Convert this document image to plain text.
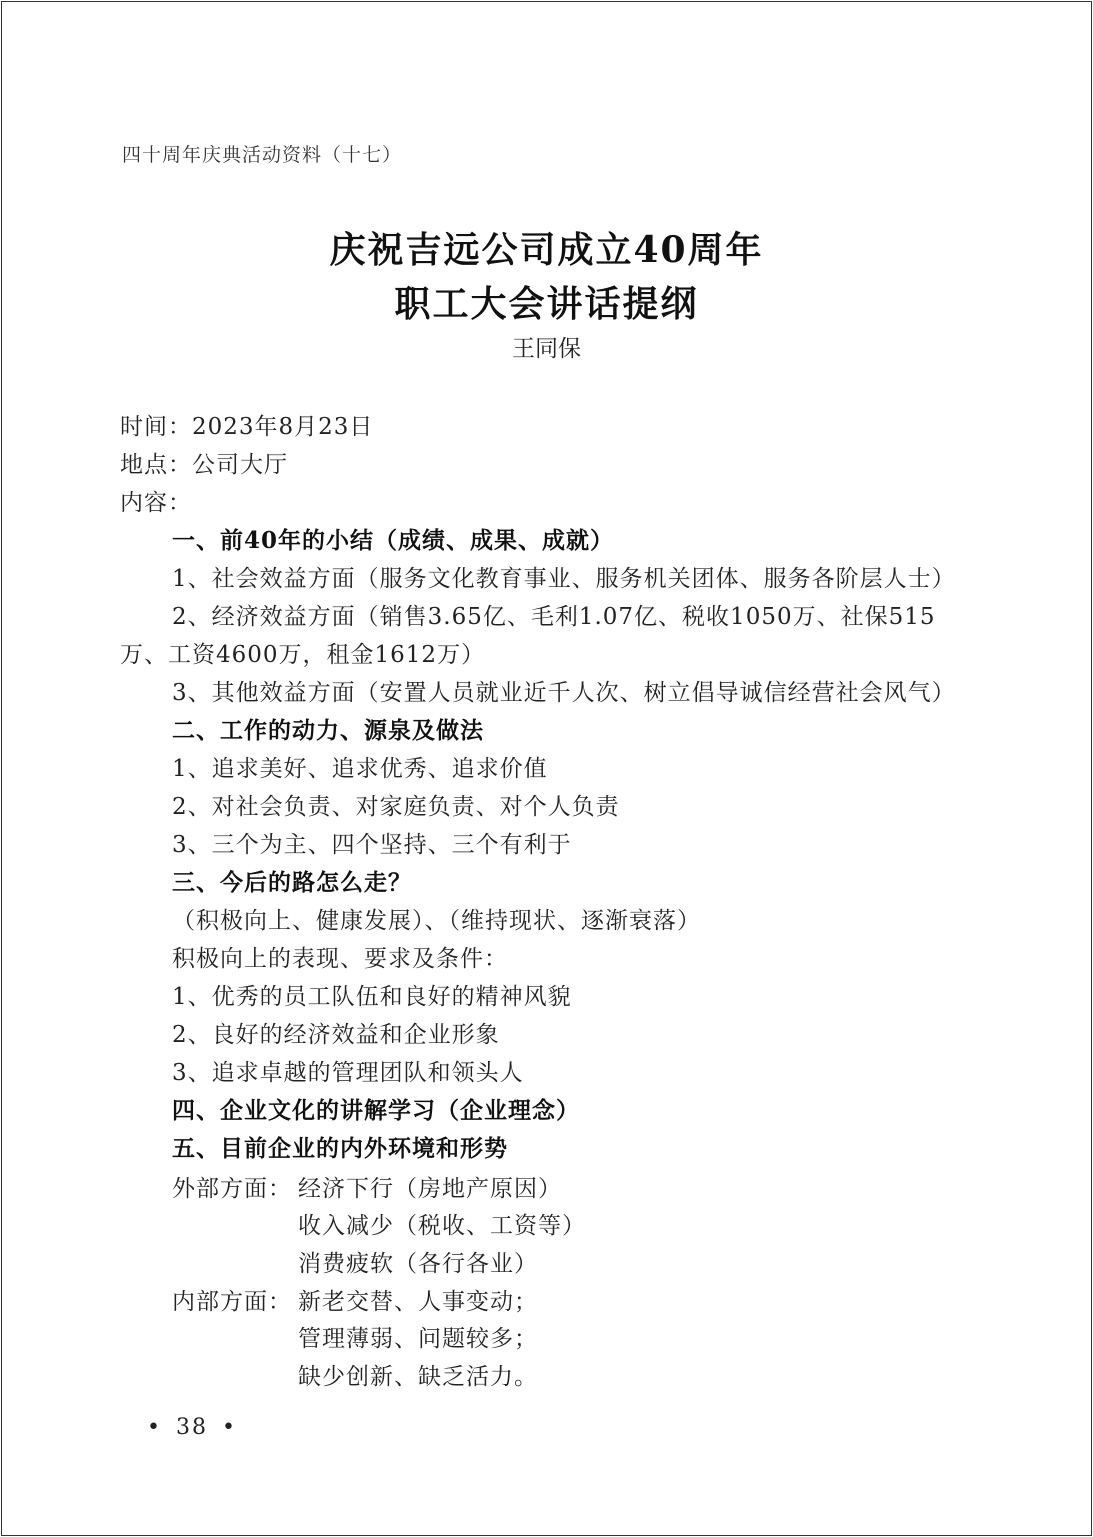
四十周年庆典活动资料（十七）
庆祝吉远公司成立40周年
职工大会讲话提纲
王同保
时间：2023年8月23日
地点：公司大厅
内容：
一、前40年的小结（成绩、成果、成就）
1、社会效益方面（服务文化教育事业、服务机关团体、服务各阶层人士）
2、经济效益方面（销售3.65亿、毛利1.07亿、税收1050万、社保515
万、工资4600万，租金1612万）
3、其他效益方面（安置人员就业近千人次、树立倡导诚信经营社会风气）
二、工作的动力、源泉及做法
1、追求美好、追求优秀、追求价值
2、对社会负责、对家庭负责、对个人负责
3、三个为主、四个坚持、三个有利于
三、今后的路怎么走？
（积极向上、健康发展）、（维持现状、逐渐衰落）
积极向上的表现、要求及条件：
1、优秀的员工队伍和良好的精神风貌
2、良好的经济效益和企业形象
3、追求卓越的管理团队和领头人
四、企业文化的讲解学习（企业理念）
五、目前企业的内外环境和形势
外部方面： 经济下行（房地产原因）
收入减少（税收、工资等）
消费疲软（各行各业）
内部方面： 新老交替、人事变动；
管理薄弱、问题较多；
缺少创新、缺乏活力。
• 38 •
